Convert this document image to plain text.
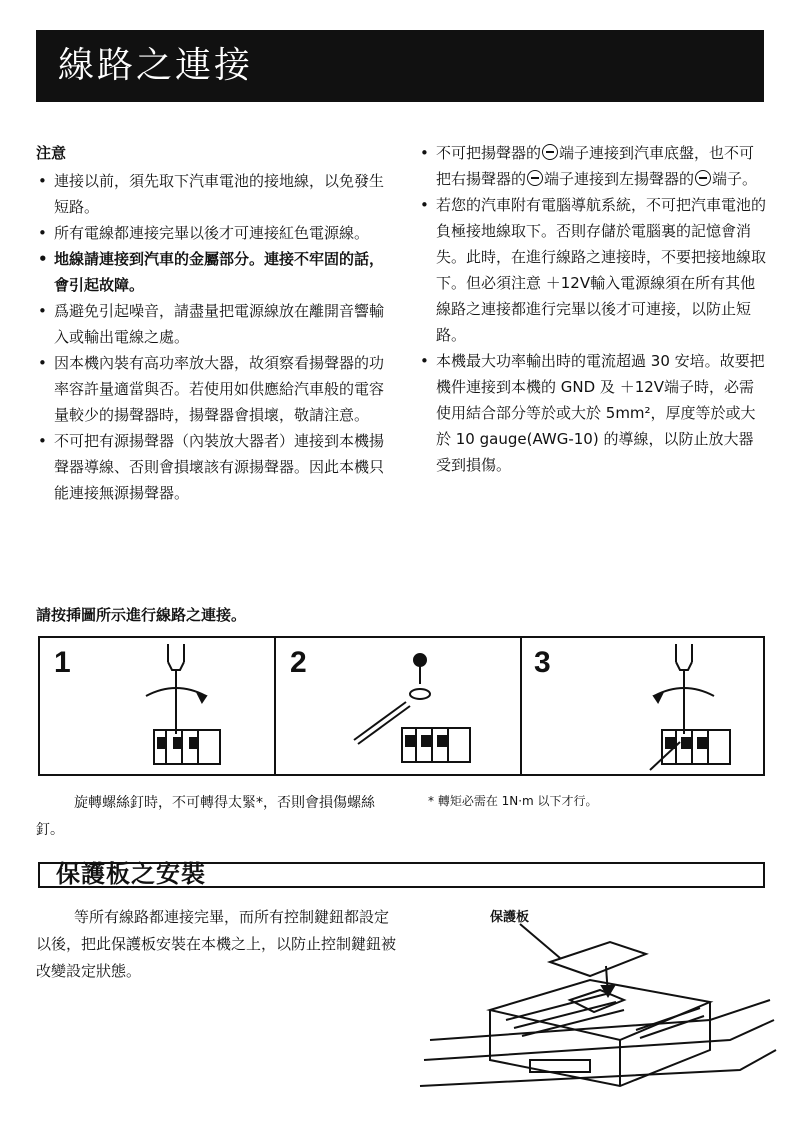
線路之連接
注意
• 連接以前，須先取下汽車電池的接地線，以免發生短路。
• 所有電線都連接完畢以後才可連接紅色電源線。
• 地線請連接到汽車的金屬部分。連接不牢固的話，會引起故障。
• 爲避免引起噪音，請盡量把電源線放在離開音響輸入或輸出電線之處。
• 因本機內裝有高功率放大器，故須察看揚聲器的功率容許量適當與否。若使用如供應給汽車般的電容量較少的揚聲器時，揚聲器會損壞，敬請注意。
• 不可把有源揚聲器（內裝放大器者）連接到本機揚聲器導線、否則會損壞該有源揚聲器。因此本機只能連接無源揚聲器。
• 不可把揚聲器的 端子連接到汽車底盤，也不可把右揚聲器的 端子連接到左揚聲器的 端子。
• 若您的汽車附有電腦導航系統，不可把汽車電池的負極接地線取下。否則存儲於電腦裏的記憶會消失。此時，在進行線路之連接時，不要把接地線取下。但必須注意 ＋12V輸入電源線須在所有其他線路之連接都進行完畢以後才可連接，以防止短路。
• 本機最大功率輸出時的電流超過 30 安培。故要把機件連接到本機的 GND 及 ＋12V端子時，必需使用結合部分等於或大於 5mm²，厚度等於或大於 10 gauge(AWG-10) 的導線，以防止放大器受到損傷。
請按揷圖所示進行線路之連接。
1	2	3
旋轉螺絲釘時，不可轉得太緊*，否則會損傷螺絲釘。
* 轉矩必需在 1N·m 以下才行。
保護板之安裝
等所有線路都連接完畢，而所有控制鍵鈕都設定以後，把此保護板安裝在本機之上，以防止控制鍵鈕被改變設定狀態。
保護板
